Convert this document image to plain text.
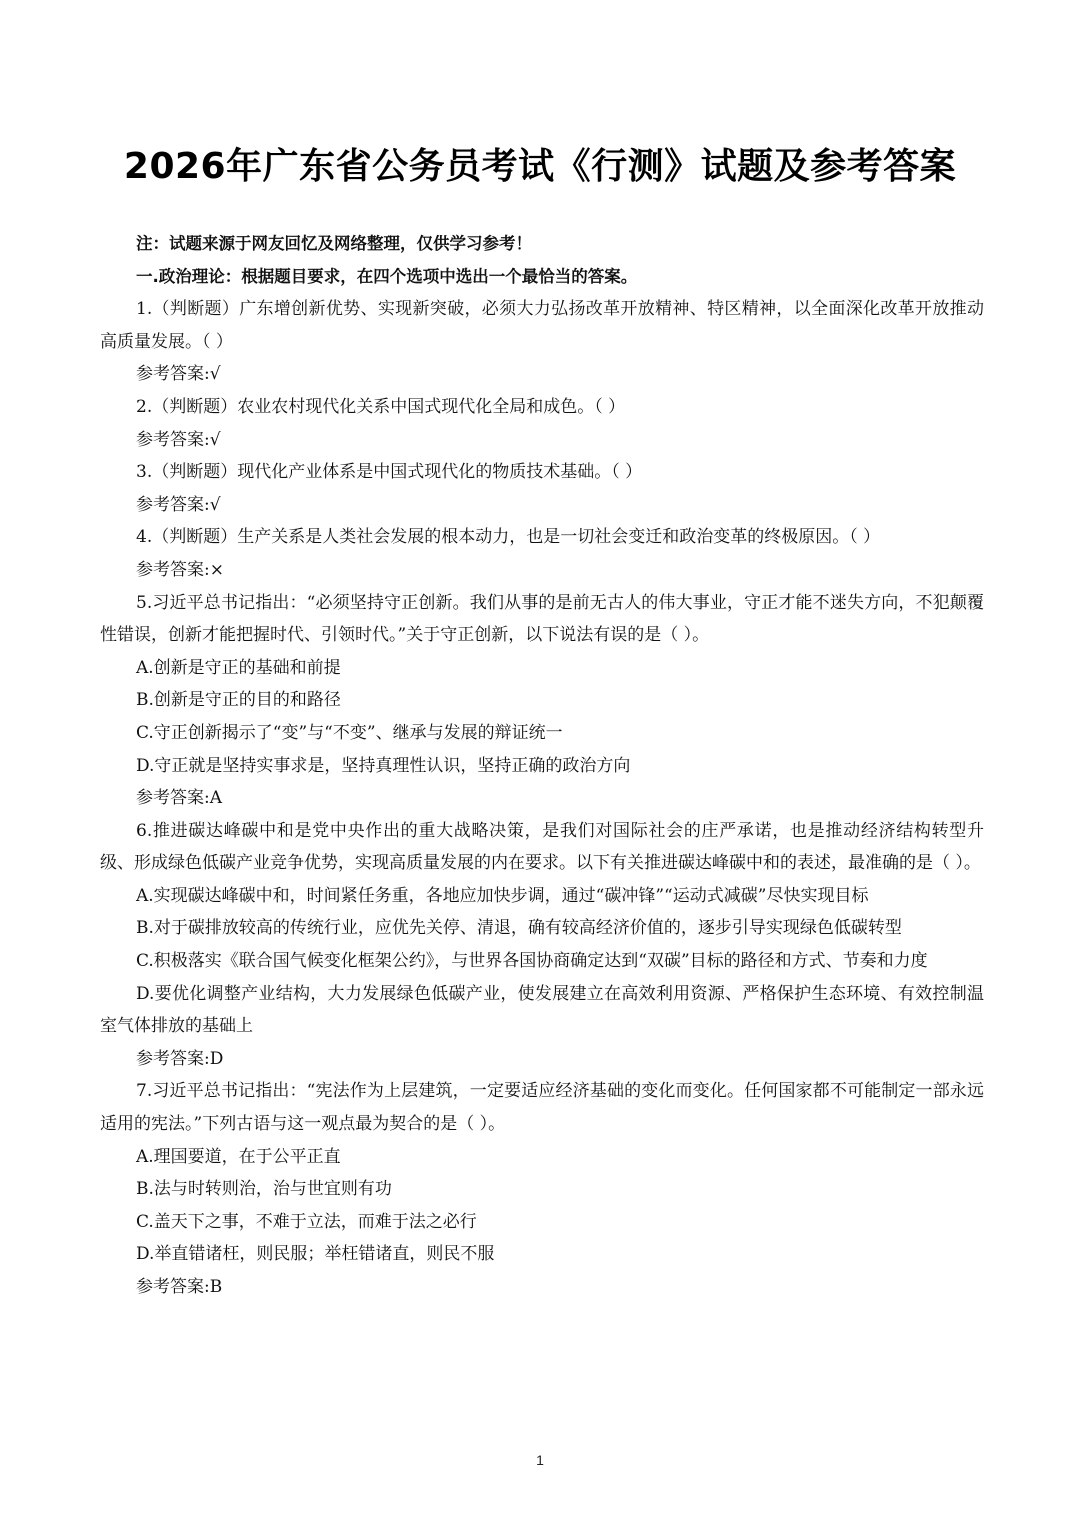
2026年广东省公务员考试《行测》试题及参考答案

注：试题来源于网友回忆及网络整理，仅供学习参考！

一.政治理论：根据题目要求，在四个选项中选出一个最恰当的答案。

1.（判断题）广东增创新优势、实现新突破，必须大力弘扬改革开放精神、特区精神，以全面深化改革开放推动高质量发展。（ ）

参考答案:√

2.（判断题）农业农村现代化关系中国式现代化全局和成色。（ ）

参考答案:√

3.（判断题）现代化产业体系是中国式现代化的物质技术基础。（ ）

参考答案:√

4.（判断题）生产关系是人类社会发展的根本动力，也是一切社会变迁和政治变革的终极原因。（ ）

参考答案:×

5.习近平总书记指出：“必须坚持守正创新。我们从事的是前无古人的伟大事业，守正才能不迷失方向，不犯颠覆性错误，创新才能把握时代、引领时代。”关于守正创新，以下说法有误的是（ ）。

A.创新是守正的基础和前提

B.创新是守正的目的和路径

C.守正创新揭示了“变”与“不变”、继承与发展的辩证统一

D.守正就是坚持实事求是，坚持真理性认识，坚持正确的政治方向

参考答案:A

6.推进碳达峰碳中和是党中央作出的重大战略决策，是我们对国际社会的庄严承诺，也是推动经济结构转型升级、形成绿色低碳产业竞争优势，实现高质量发展的内在要求。以下有关推进碳达峰碳中和的表述，最准确的是（ ）。

A.实现碳达峰碳中和，时间紧任务重，各地应加快步调，通过“碳冲锋”“运动式减碳”尽快实现目标

B.对于碳排放较高的传统行业，应优先关停、清退，确有较高经济价值的，逐步引导实现绿色低碳转型

C.积极落实《联合国气候变化框架公约》，与世界各国协商确定达到“双碳”目标的路径和方式、节奏和力度

D.要优化调整产业结构，大力发展绿色低碳产业，使发展建立在高效利用资源、严格保护生态环境、有效控制温室气体排放的基础上

参考答案:D

7.习近平总书记指出：“宪法作为上层建筑，一定要适应经济基础的变化而变化。任何国家都不可能制定一部永远适用的宪法。”下列古语与这一观点最为契合的是（ ）。

A.理国要道，在于公平正直

B.法与时转则治，治与世宜则有功

C.盖天下之事，不难于立法，而难于法之必行

D.举直错诸枉，则民服；举枉错诸直，则民不服

参考答案:B

1
